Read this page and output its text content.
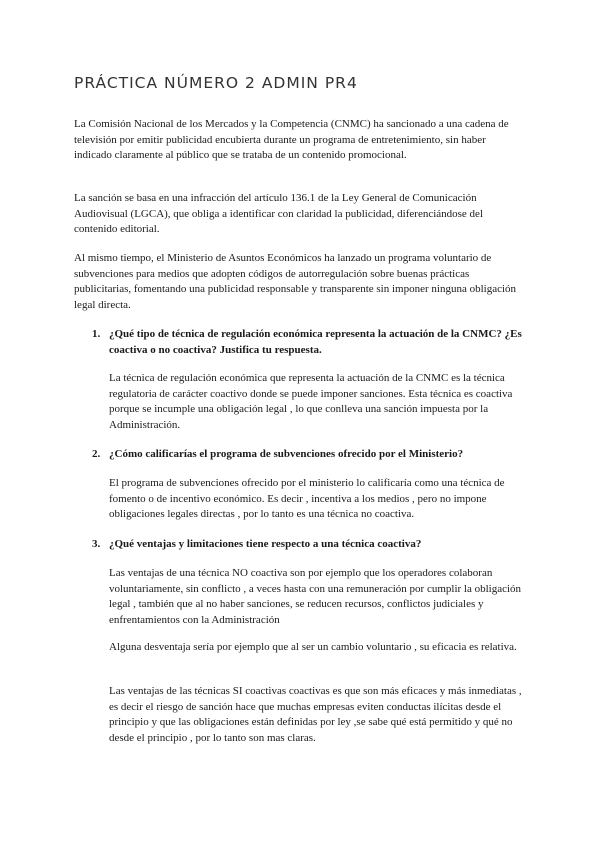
PRÁCTICA NÚMERO 2 ADMIN PR4

La Comisión Nacional de los Mercados y la Competencia (CNMC) ha sancionado a una cadena de televisión por emitir publicidad encubierta durante un programa de entretenimiento, sin haber indicado claramente al público que se trataba de un contenido promocional.

La sanción se basa en una infracción del artículo 136.1 de la Ley General de Comunicación Audiovisual (LGCA), que obliga a identificar con claridad la publicidad, diferenciándose del contenido editorial.

Al mismo tiempo, el Ministerio de Asuntos Económicos ha lanzado un programa voluntario de subvenciones para medios que adopten códigos de autorregulación sobre buenas prácticas publicitarias, fomentando una publicidad responsable y transparente sin imponer ninguna obligación legal directa.

1. ¿Qué tipo de técnica de regulación económica representa la actuación de la CNMC? ¿Es coactiva o no coactiva? Justifica tu respuesta.

La técnica de regulación económica que representa la actuación de la CNMC es la técnica regulatoria de carácter coactivo donde se puede imponer sanciones. Esta técnica es coactiva porque se incumple una obligación legal , lo que conlleva una sanción impuesta por la Administración.

2. ¿Cómo calificarías el programa de subvenciones ofrecido por el Ministerio?

El programa de subvenciones ofrecido por el ministerio lo calificaría como una técnica de fomento o de incentivo económico. Es decir , incentiva a los medios , pero no impone obligaciones legales directas , por lo tanto es una técnica no coactiva.

3. ¿Qué ventajas y limitaciones tiene respecto a una técnica coactiva?

Las ventajas de una técnica NO coactiva son por ejemplo que los operadores colaboran voluntariamente, sin conflicto , a veces hasta con una remuneración por cumplir la obligación legal , también que al no haber sanciones, se reducen recursos, conflictos judiciales y enfrentamientos con la Administración

Alguna desventaja sería por ejemplo que al ser un cambio voluntario , su eficacia es relativa.

Las ventajas de las técnicas SI coactivas coactivas es que son más eficaces y más inmediatas , es decir el riesgo de sanción hace que muchas empresas eviten conductas ilícitas desde el principio y que las obligaciones están definidas por ley ,se sabe qué está permitido y qué no desde el principio , por lo tanto son mas claras.
